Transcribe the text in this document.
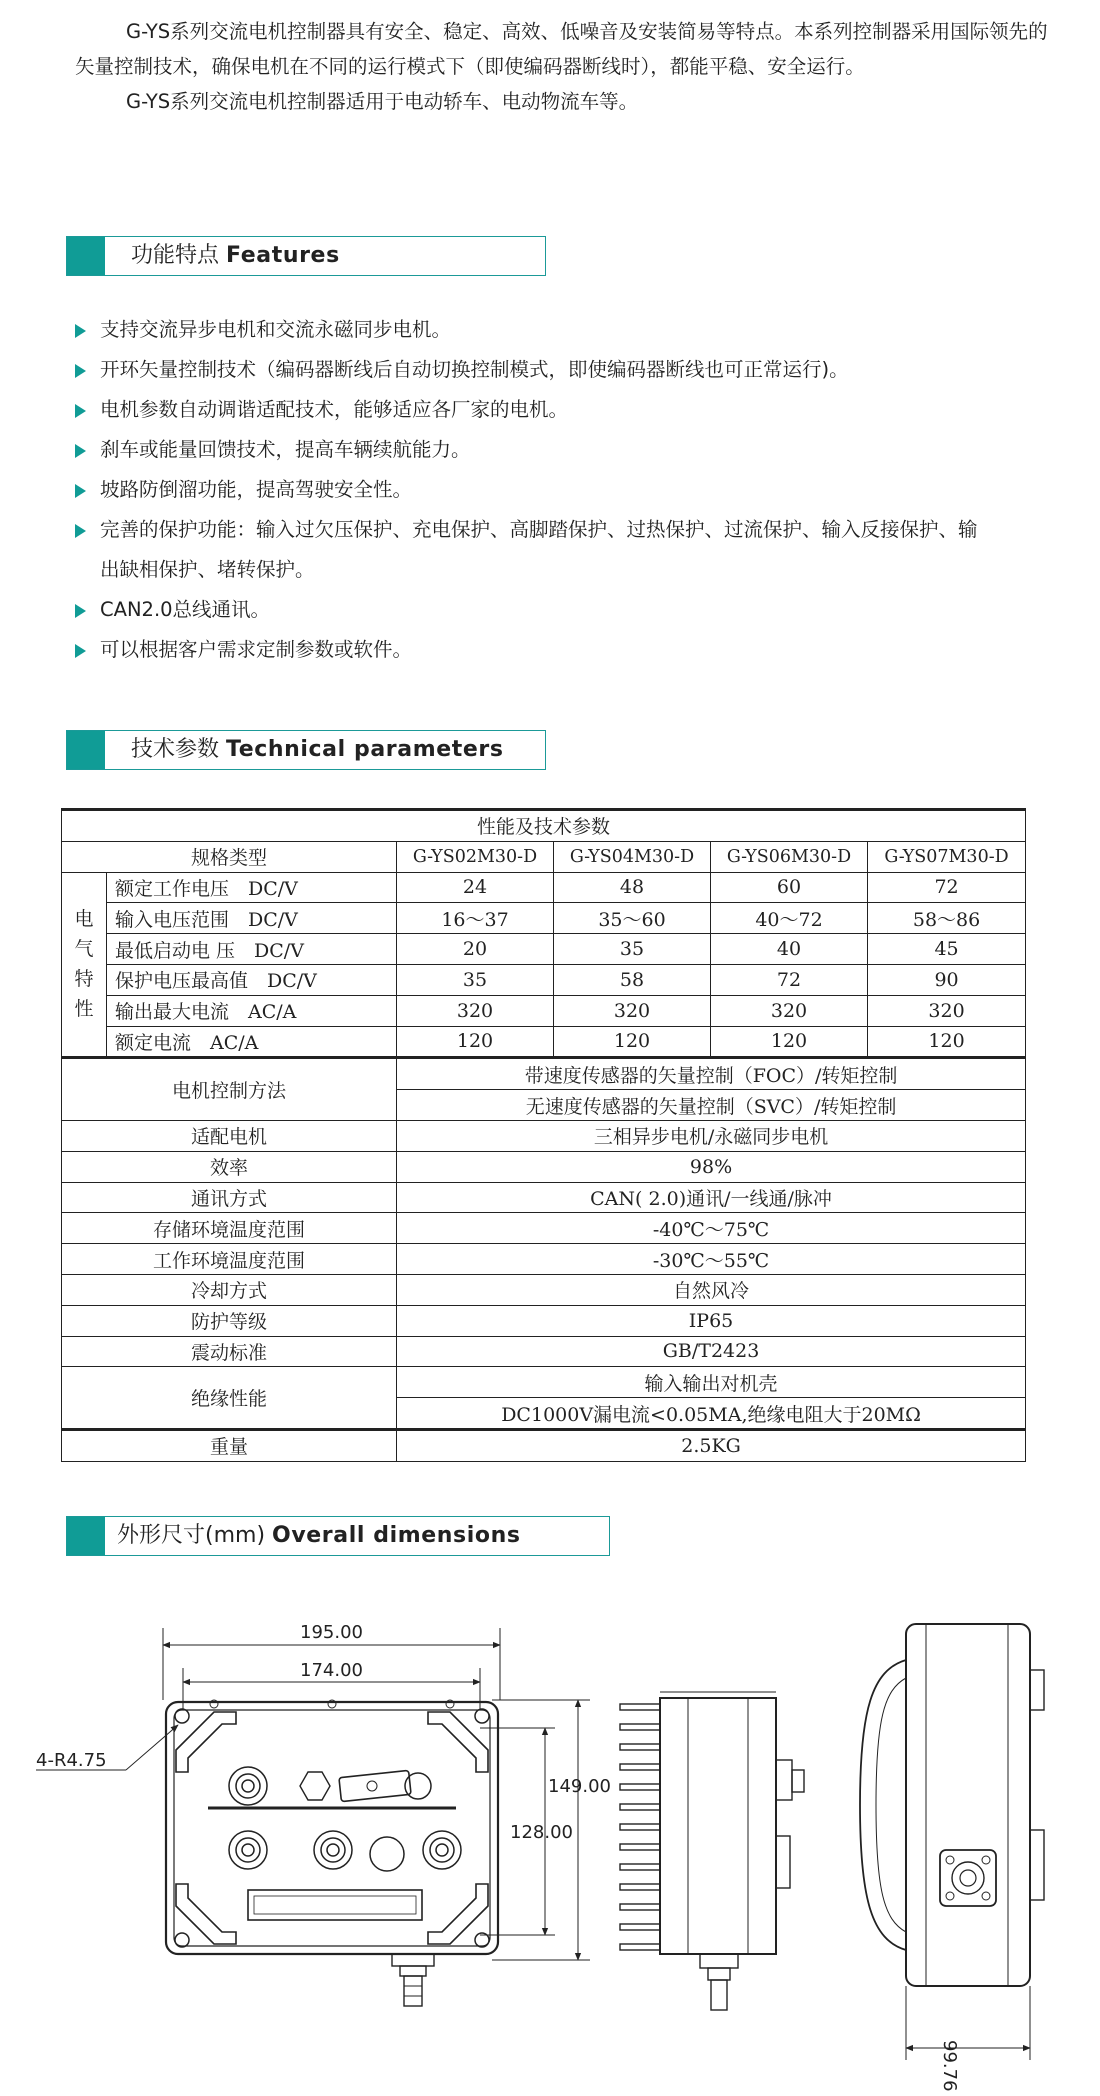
G-YS系列交流电机控制器具有安全、稳定、高效、低噪音及安装简易等特点。本系列控制器采用国际领先的矢量控制技术，确保电机在不同的运行模式下（即使编码器断线时），都能平稳、安全运行。

G-YS系列交流电机控制器适用于电动轿车、电动物流车等。

功能特点 Features
支持交流异步电机和交流永磁同步电机。
开环矢量控制技术（编码器断线后自动切换控制模式，即使编码器断线也可正常运行)。
电机参数自动调谐适配技术，能够适应各厂家的电机。
刹车或能量回馈技术，提高车辆续航能力。
坡路防倒溜功能，提高驾驶安全性。
完善的保护功能：输入过欠压保护、充电保护、高脚踏保护、过热保护、过流保护、输入反接保护、输出缺相保护、堵转保护。
CAN2.0总线通讯。
可以根据客户需求定制参数或软件。
技术参数 Technical parameters
性能及技术参数					
规格类型		G-YS02M30-D	G-YS04M30-D	G-YS06M30-D	G-YS07M30-D
电气特性	额定工作电压　DC/V	24	48	60	72
	输入电压范围　DC/V	16～37	35～60	40～72	58～86
	最低启动电 压　DC/V	20	35	40	45
	保护电压最高值　DC/V	35	58	72	90
	输出最大电流　AC/A	320	320	320	320
	额定电流　AC/A	120	120	120	120
电机控制方法		带速度传感器的矢量控制（FOC）/转矩控制			
		无速度传感器的矢量控制（SVC）/转矩控制			
适配电机		三相异步电机/永磁同步电机			
效率		98%			
通讯方式		CAN( 2.0)通讯/一线通/脉冲			
存储环境温度范围		-40℃～75℃			
工作环境温度范围		-30℃～55℃			
冷却方式		自然风冷			
防护等级		IP65			
震动标准		GB/T2423			
绝缘性能		输入输出对机壳			
		DC1000V漏电流<0.05MA,绝缘电阻大于20MΩ			
重量		2.5KG			
外形尺寸(mm) Overall dimensions
195.00
174.00
149.00
128.00
4-R4.75
99.76
